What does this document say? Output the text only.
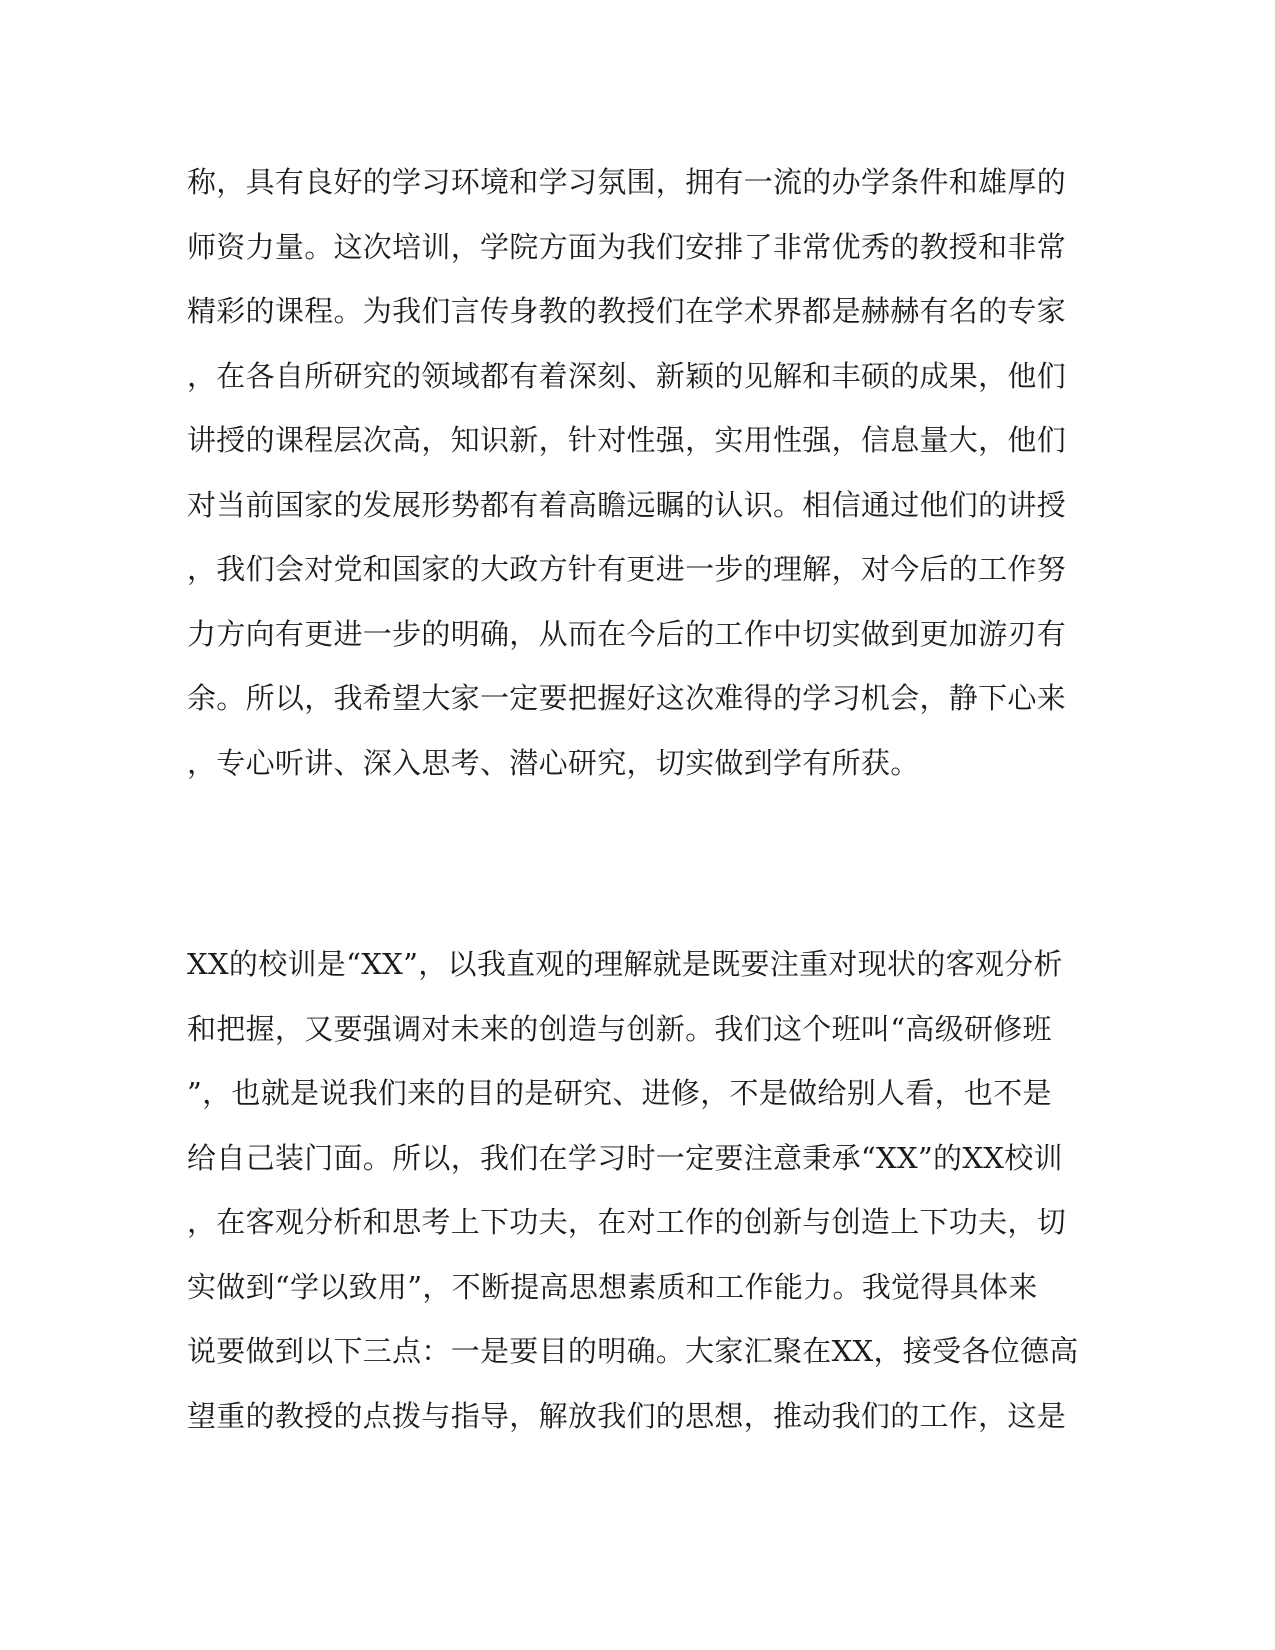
称，具有良好的学习环境和学习氛围，拥有一流的办学条件和雄厚的
师资力量。这次培训，学院方面为我们安排了非常优秀的教授和非常
精彩的课程。为我们言传身教的教授们在学术界都是赫赫有名的专家
，在各自所研究的领域都有着深刻、新颖的见解和丰硕的成果，他们
讲授的课程层次高，知识新，针对性强，实用性强，信息量大，他们
对当前国家的发展形势都有着高瞻远瞩的认识。相信通过他们的讲授
，我们会对党和国家的大政方针有更进一步的理解，对今后的工作努
力方向有更进一步的明确，从而在今后的工作中切实做到更加游刃有
余。所以，我希望大家一定要把握好这次难得的学习机会，静下心来
，专心听讲、深入思考、潜心研究，切实做到学有所获。
XX的校训是“XX”，以我直观的理解就是既要注重对现状的客观分析
和把握，又要强调对未来的创造与创新。我们这个班叫“高级研修班
”，也就是说我们来的目的是研究、进修，不是做给别人看，也不是
给自己装门面。所以，我们在学习时一定要注意秉承“XX”的XX校训
，在客观分析和思考上下功夫，在对工作的创新与创造上下功夫，切
实做到“学以致用”，不断提高思想素质和工作能力。我觉得具体来
说要做到以下三点：一是要目的明确。大家汇聚在XX，接受各位德高
望重的教授的点拨与指导，解放我们的思想，推动我们的工作，这是
